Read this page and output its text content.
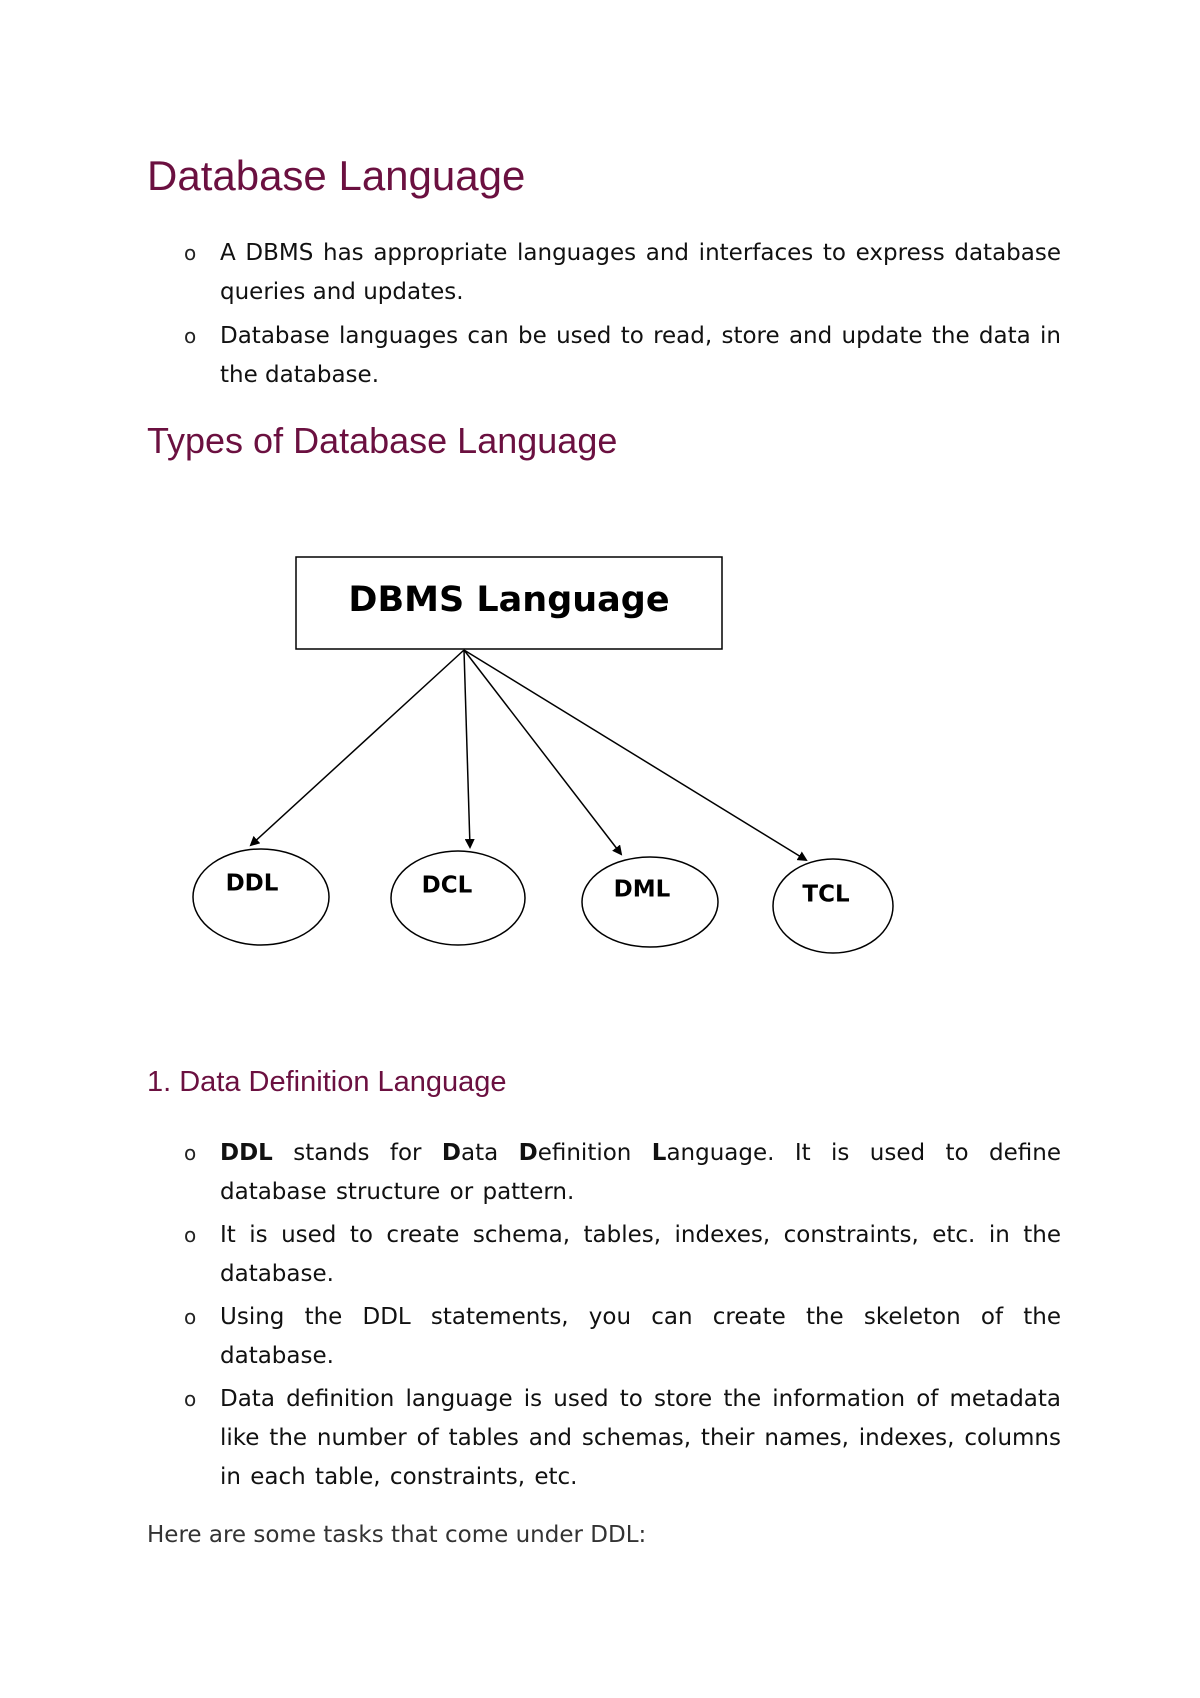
Database Language
o A DBMS has appropriate languages and interfaces to express database queries and updates.
o Database languages can be used to read, store and update the data in the database.
Types of Database Language
DBMS Language
DDL	DCL	DML	TCL
1. Data Definition Language
o DDL stands for Data Definition Language. It is used to define database structure or pattern.
o It is used to create schema, tables, indexes, constraints, etc. in the database.
o Using the DDL statements, you can create the skeleton of the database.
o Data definition language is used to store the information of metadata like the number of tables and schemas, their names, indexes, columns in each table, constraints, etc.

Here are some tasks that come under DDL:
